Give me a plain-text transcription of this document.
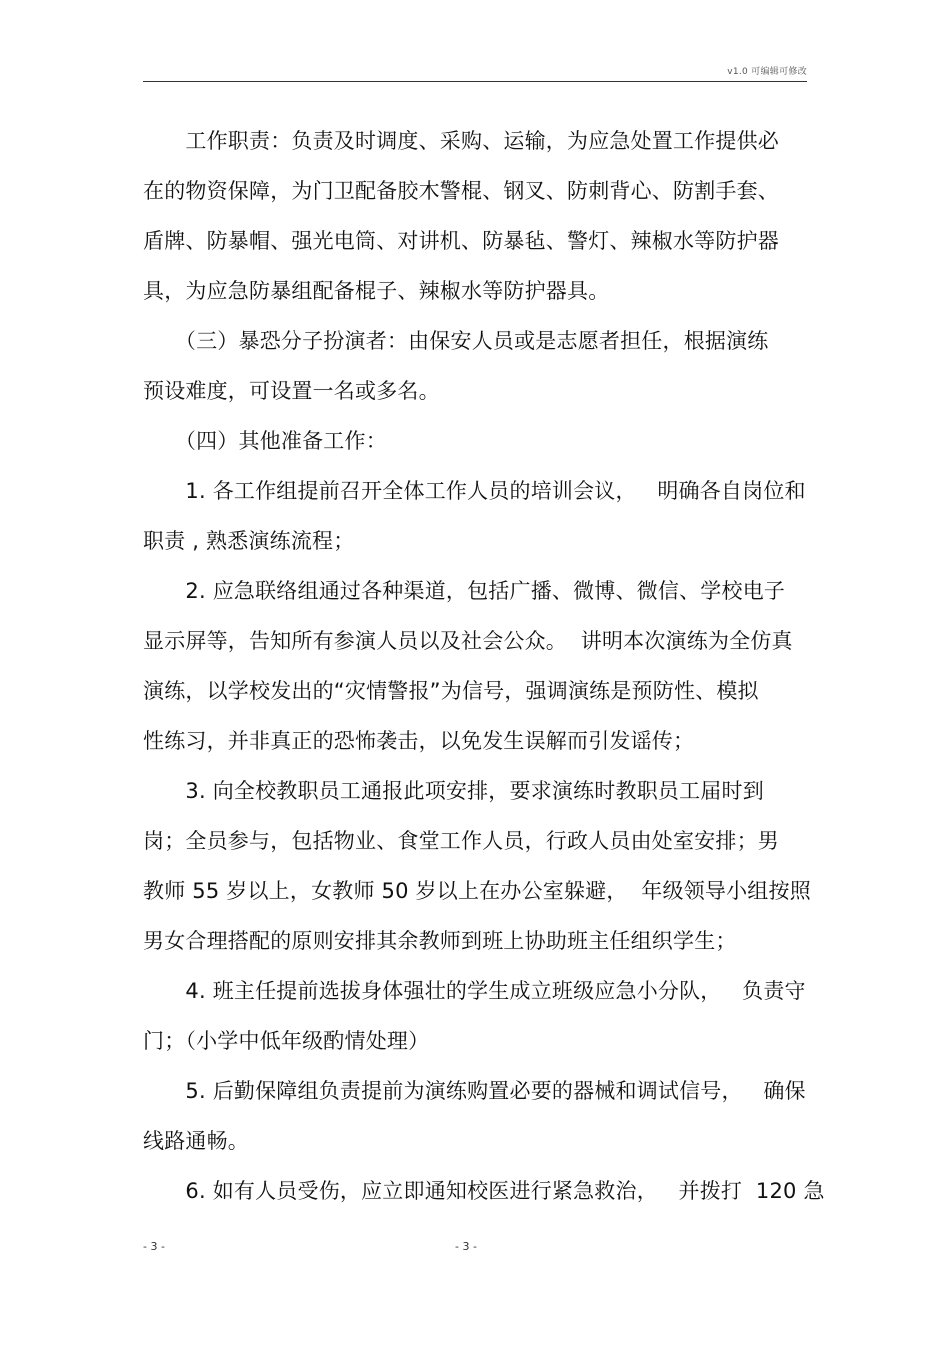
v1.0 可编辑可修改
　　工作职责：负责及时调度、采购、运输，为应急处置工作提供必
在的物资保障，为门卫配备胶木警棍、钢叉、防刺背心、防割手套、
盾牌、防暴帽、强光电筒、对讲机、防暴毡、警灯、辣椒水等防护器
具，为应急防暴组配备棍子、辣椒水等防护器具。
　　（三）暴恐分子扮演者：由保安人员或是志愿者担任，根据演练
预设难度，可设置一名或多名。
　　（四）其他准备工作：
　　1. 各工作组提前召开全体工作人员的培训会议，   明确各自岗位和
职责 , 熟悉演练流程；
　　2. 应急联络组通过各种渠道，包括广播、微博、微信、学校电子
显示屏等，告知所有参演人员以及社会公众。  讲明本次演练为全仿真
演练，以学校发出的“灾情警报”为信号，强调演练是预防性、模拟
性练习，并非真正的恐怖袭击，以免发生误解而引发谣传；
　　3. 向全校教职员工通报此项安排，要求演练时教职员工届时到
岗；全员参与，包括物业、食堂工作人员，行政人员由处室安排；男
教师 55 岁以上，女教师 50 岁以上在办公室躲避，  年级领导小组按照
男女合理搭配的原则安排其余教师到班上协助班主任组织学生；
　　4. 班主任提前选拔身体强壮的学生成立班级应急小分队，   负责守
门；（小学中低年级酌情处理）
　　5. 后勤保障组负责提前为演练购置必要的器械和调试信号，   确保
线路通畅。
　　6. 如有人员受伤，应立即通知校医进行紧急救治，   并拨打  120 急
- 3 -	- 3 -
